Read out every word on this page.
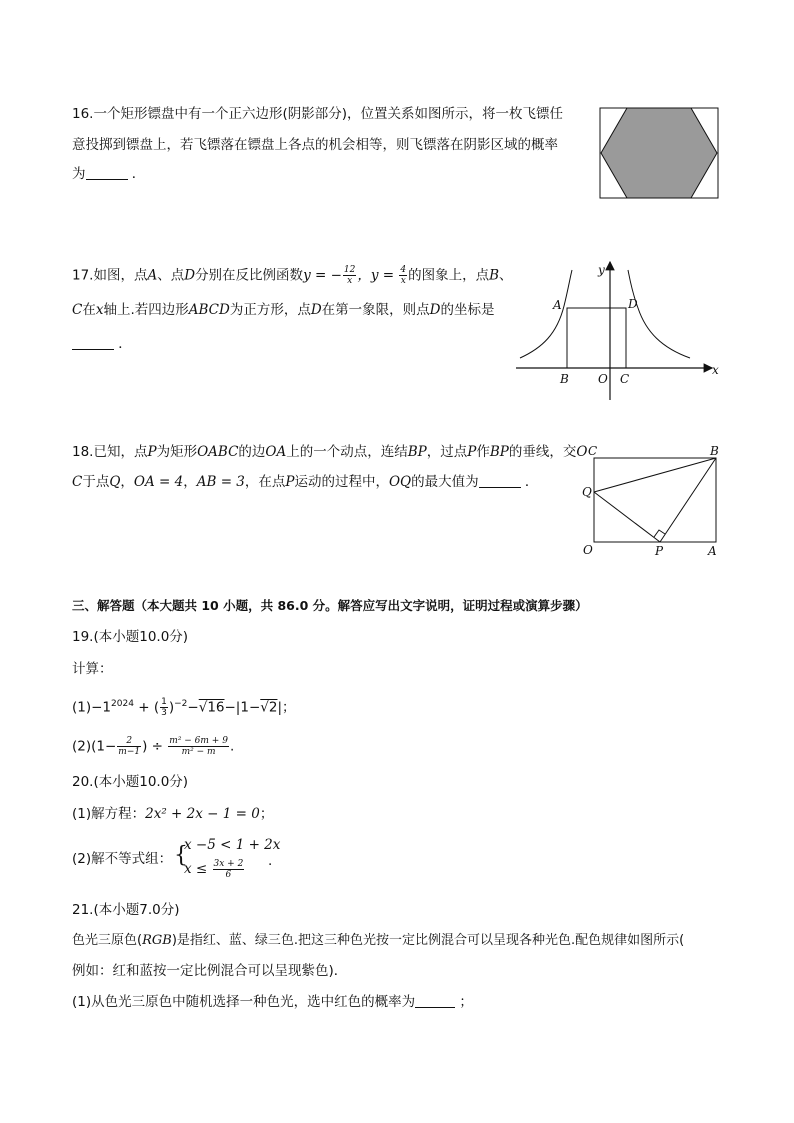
16.一个矩形镖盘中有一个正六边形(阴影部分)，位置关系如图所示，将一枚飞镖任
意投掷到镖盘上，若飞镖落在镖盘上各点的机会相等，则飞镖落在阴影区域的概率
为	．
17.如图，点A、点D分别在反比例函数y = − $\frac{12}{x}$ ，$y = \frac{4}{x}$ 的图象上，点B、
C在x轴上.若四边形ABCD为正方形，点D在第一象限，则点D的坐标是
．
y
x
A	D
B O C
18.已知，点P为矩形OABC的边OA上的一个动点，连结BP，过点P作BP的垂线，交O
C于点Q，OA = 4，AB = 3，在点P运动的过程中，OQ的最大值为	．
C	B
Q
O	P	A
三、解答题（本大题共 10 小题，共 86.0 分。解答应写出文字说明，证明过程或演算步骤）
19.(本小题10.0分)
计算：
$(1)-1^{2024}$ + ( $\frac{1}{3} )^{-2}-√16-|1-√2|$；
$(2)(1- \frac{2}{m-1}$ ) ÷ $\frac{\text{m² − 6m + 9}}{\text{m² − m}}$ .
20.(本小题10.0分)
(1)解方程：2x² + 2x − 1 = 0；
(2)解不等式组： {
x −5 < 1 + 2x
$x \le \frac{3x + 2}{6}$ .
21.(本小题7.0分)
色光三原色(RGB)是指红、蓝、绿三色.把这三种色光按一定比例混合可以呈现各种光色.配色规律如图所示(
例如：红和蓝按一定比例混合可以呈现紫色)．
(1)从色光三原色中随机选择一种色光，选中红色的概率为	；
